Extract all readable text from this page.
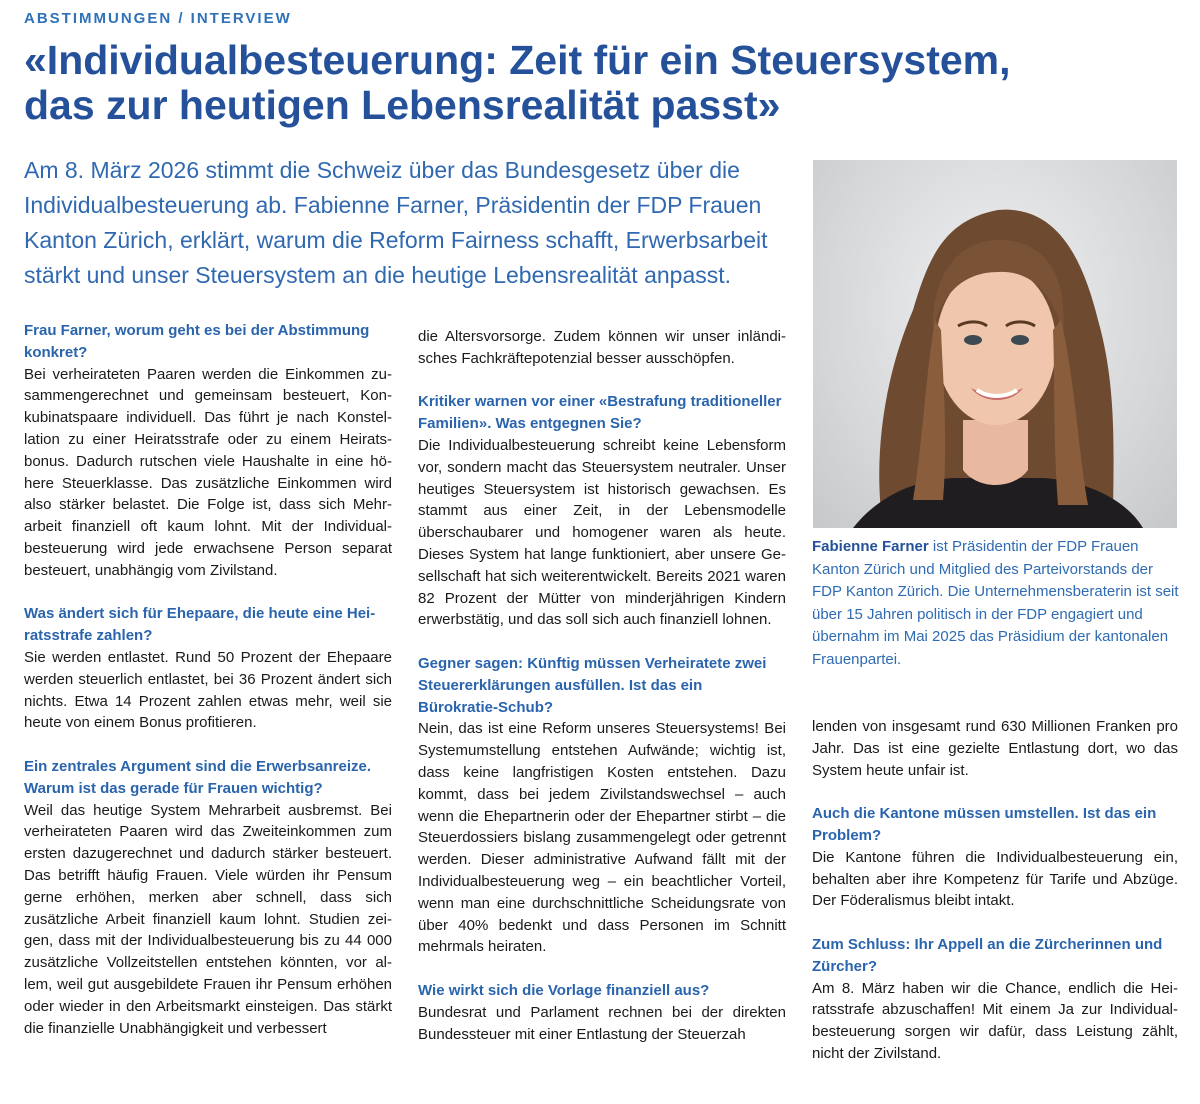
ABSTIMMUNGEN / INTERVIEW
«Individualbesteuerung: Zeit für ein Steuersystem,
das zur heutigen Lebensrealität passt»

Am 8. März 2026 stimmt die Schweiz über das Bundesgesetz über die Individualbesteuerung ab. Fabienne Farner, Präsidentin der FDP Frauen Kanton Zürich, erklärt, warum die Reform Fairness schafft, Erwerbsarbeit stärkt und unser Steuersystem an die heutige Lebensrealität anpasst.

Fabienne Farner ist Präsidentin der FDP Frauen Kanton Zürich und Mitglied des Parteivorstands der FDP Kanton Zürich. Die Unternehmensberaterin ist seit über 15 Jahren politisch in der FDP engagiert und übernahm im Mai 2025 das Präsidium der kantonalen Frauenpartei.

Frau Farner, worum geht es bei der Abstimmung konkret?

Bei verheirateten Paaren werden die Einkommen zusammengerechnet und gemeinsam besteuert, Konkubinatspaare individuell. Das führt je nach Konstellation zu einer Heiratsstrafe oder zu einem Heiratsbonus. Dadurch rutschen viele Haushalte in eine höhere Steuerklasse. Das zusätzliche Einkommen wird also stärker belastet. Die Folge ist, dass sich Mehrarbeit finanziell oft kaum lohnt. Mit der Individualbesteuerung wird jede erwachsene Person separat besteuert, unabhängig vom Zivilstand.

Was ändert sich für Ehepaare, die heute eine Heiratsstrafe zahlen?

Sie werden entlastet. Rund 50 Prozent der Ehepaare werden steuerlich entlastet, bei 36 Prozent ändert sich nichts. Etwa 14 Prozent zahlen etwas mehr, weil sie heute von einem Bonus profitieren.

Ein zentrales Argument sind die Erwerbsanreize. Warum ist das gerade für Frauen wichtig?

Weil das heutige System Mehrarbeit ausbremst. Bei verheirateten Paaren wird das Zweiteinkommen zum ersten dazugerechnet und dadurch stärker besteuert. Das betrifft häufig Frauen. Viele würden ihr Pensum gerne erhöhen, merken aber schnell, dass sich zusätzliche Arbeit finanziell kaum lohnt. Studien zeigen, dass mit der Individualbesteuerung bis zu 44 000 zusätzliche Vollzeitstellen entstehen könnten, vor allem, weil gut ausgebildete Frauen ihr Pensum erhöhen oder wieder in den Arbeitsmarkt einsteigen. Das stärkt die finanzielle Unabhängigkeit und verbessert

die Altersvorsorge. Zudem können wir unser inländisches Fachkräftepotenzial besser ausschöpfen.

Kritiker warnen vor einer «Bestrafung traditioneller Familien». Was entgegnen Sie?

Die Individualbesteuerung schreibt keine Lebensform vor, sondern macht das Steuersystem neutraler. Unser heutiges Steuersystem ist historisch gewachsen. Es stammt aus einer Zeit, in der Lebensmodelle überschaubarer und homogener waren als heute. Dieses System hat lange funktioniert, aber unsere Gesellschaft hat sich weiterentwickelt. Bereits 2021 waren 82 Prozent der Mütter von minderjährigen Kindern erwerbstätig, und das soll sich auch finanziell lohnen.

Gegner sagen: Künftig müssen Verheiratete zwei Steuererklärungen ausfüllen. Ist das ein Bürokratie-Schub?

Nein, das ist eine Reform unseres Steuersystems! Bei Systemumstellung entstehen Aufwände; wichtig ist, dass keine langfristigen Kosten entstehen. Dazu kommt, dass bei jedem Zivilstandswechsel – auch wenn die Ehepartnerin oder der Ehepartner stirbt – die Steuerdossiers bislang zusammengelegt oder getrennt werden. Dieser administrative Aufwand fällt mit der Individualbesteuerung weg – ein beachtlicher Vorteil, wenn man eine durchschnittliche Scheidungsrate von über 40% bedenkt und dass Personen im Schnitt mehrmals heiraten.

Wie wirkt sich die Vorlage finanziell aus?

Bundesrat und Parlament rechnen bei der direkten Bundessteuer mit einer Entlastung der Steuerzah

lenden von insgesamt rund 630 Millionen Franken pro Jahr. Das ist eine gezielte Entlastung dort, wo das System heute unfair ist.

Auch die Kantone müssen umstellen. Ist das ein Problem?

Die Kantone führen die Individualbesteuerung ein, behalten aber ihre Kompetenz für Tarife und Abzüge. Der Föderalismus bleibt intakt.

Zum Schluss: Ihr Appell an die Zürcherinnen und Zürcher?

Am 8. März haben wir die Chance, endlich die Heiratsstrafe abzuschaffen! Mit einem Ja zur Individualbesteuerung sorgen wir dafür, dass Leistung zählt, nicht der Zivilstand.
